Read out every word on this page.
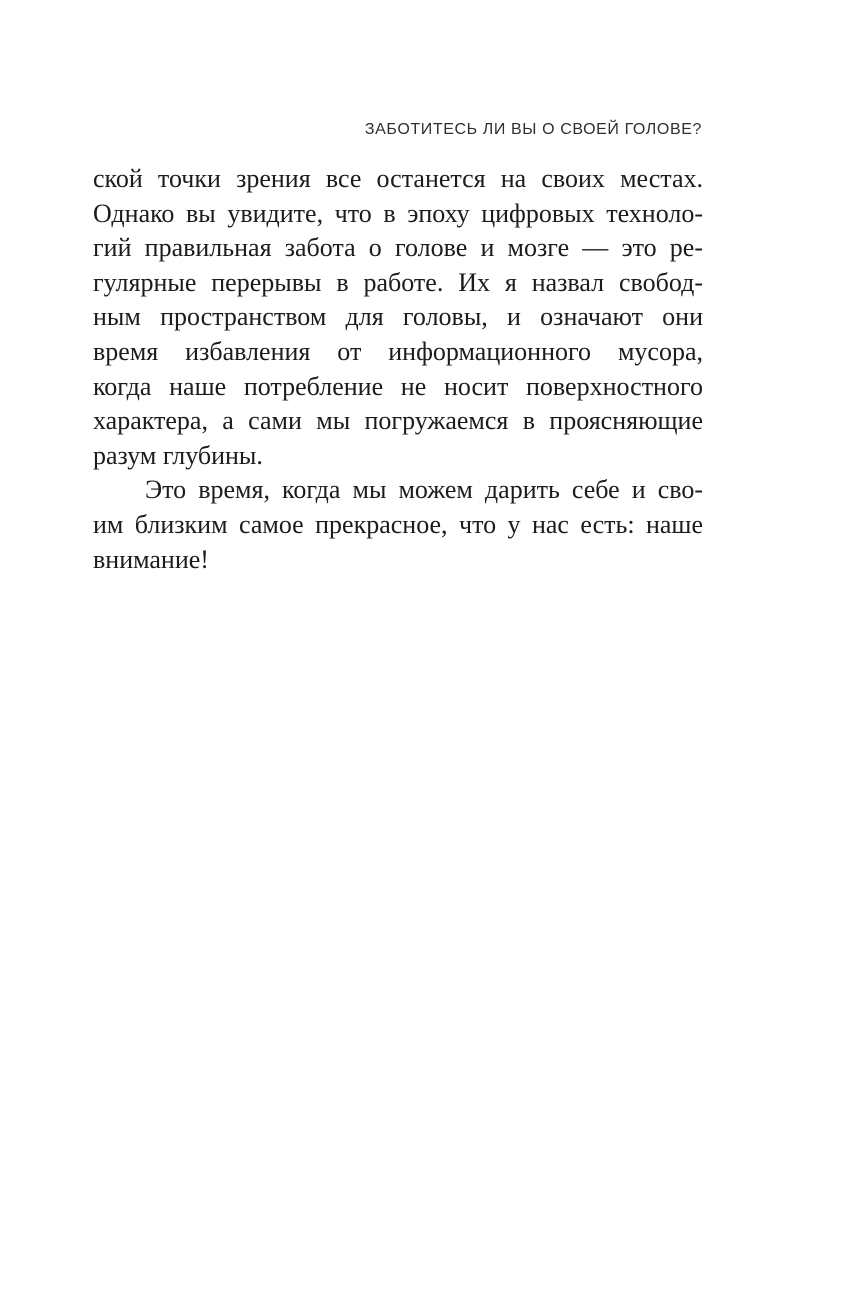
ЗАБОТИТЕСЬ ЛИ ВЫ О СВОЕЙ ГОЛОВЕ?
ской точки зрения все останется на своих местах.
Однако вы увидите, что в эпоху цифровых техноло-
гий правильная забота о голове и мозге — это ре-
гулярные перерывы в работе. Их я назвал свобод-
ным пространством для головы, и означают они
время избавления от информационного мусора,
когда наше потребление не носит поверхностного
характера, а сами мы погружаемся в проясняющие
разум глубины.
Это время, когда мы можем дарить себе и сво-
им близким самое прекрасное, что у нас есть: наше
внимание!
